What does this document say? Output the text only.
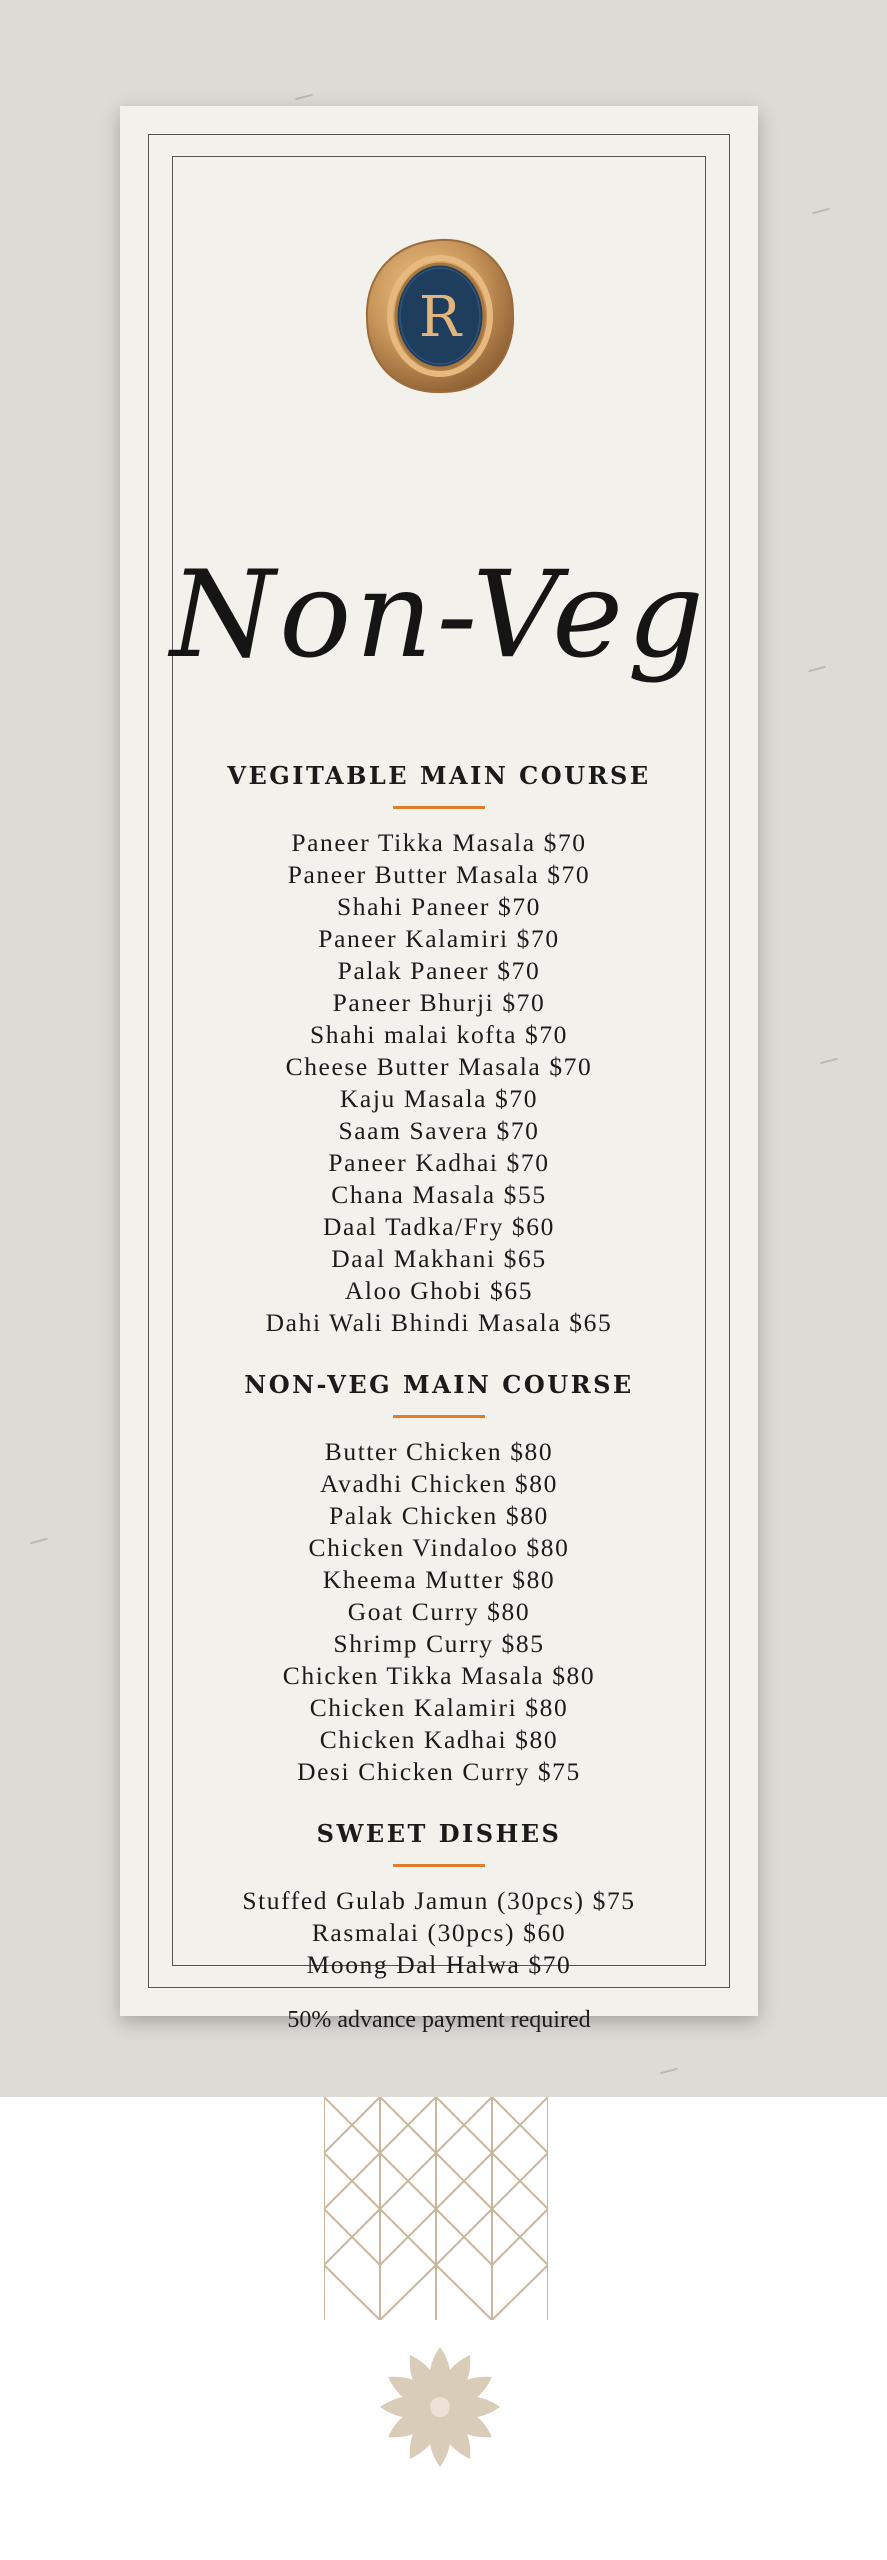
R
Non-Veg
VEGITABLE MAIN COURSE
Paneer Tikka Masala $70
Paneer Butter Masala $70
Shahi Paneer $70
Paneer Kalamiri $70
Palak Paneer $70
Paneer Bhurji $70
Shahi malai kofta $70
Cheese Butter Masala $70
Kaju Masala $70
Saam Savera $70
Paneer Kadhai $70
Chana Masala $55
Daal Tadka/Fry $60
Daal Makhani $65
Aloo Ghobi $65
Dahi Wali Bhindi Masala $65
NON-VEG MAIN COURSE
Butter Chicken $80
Avadhi Chicken $80
Palak Chicken $80
Chicken Vindaloo $80
Kheema Mutter $80
Goat Curry $80
Shrimp Curry $85
Chicken Tikka Masala $80
Chicken Kalamiri $80
Chicken Kadhai $80
Desi Chicken Curry $75
SWEET DISHES
Stuffed Gulab Jamun (30pcs) $75
Rasmalai (30pcs) $60
Moong Dal Halwa $70
50% advance payment required
